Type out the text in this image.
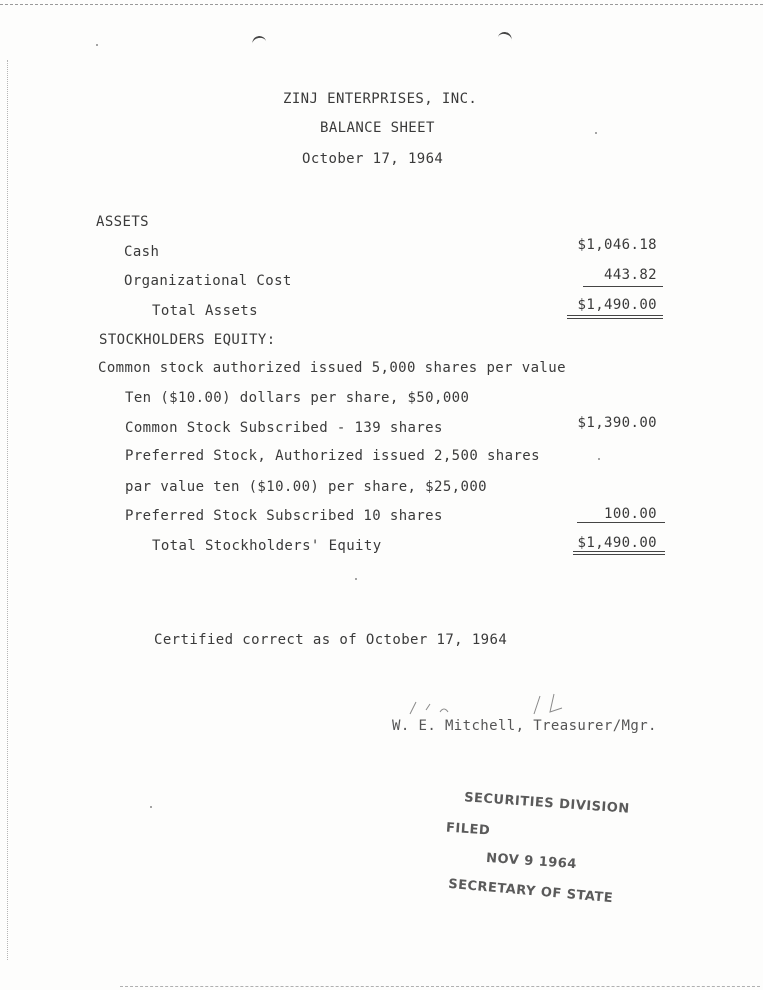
ZINJ ENTERPRISES, INC.
BALANCE SHEET
October 17, 1964
ASSETS
Cash	$1,046.18
Organizational Cost	443.82
Total Assets	$1,490.00
STOCKHOLDERS EQUITY:
Common stock authorized issued 5,000 shares per value
Ten ($10.00) dollars per share, $50,000
Common Stock Subscribed - 139 shares	$1,390.00
Preferred Stock, Authorized issued 2,500 shares
par value ten ($10.00) per share, $25,000
Preferred Stock Subscribed 10 shares	100.00
Total Stockholders' Equity	$1,490.00
Certified correct as of October 17, 1964
W. E. Mitchell, Treasurer/Mgr.
SECURITIES DIVISION
FILED
NOV 9 1964
SECRETARY OF STATE
